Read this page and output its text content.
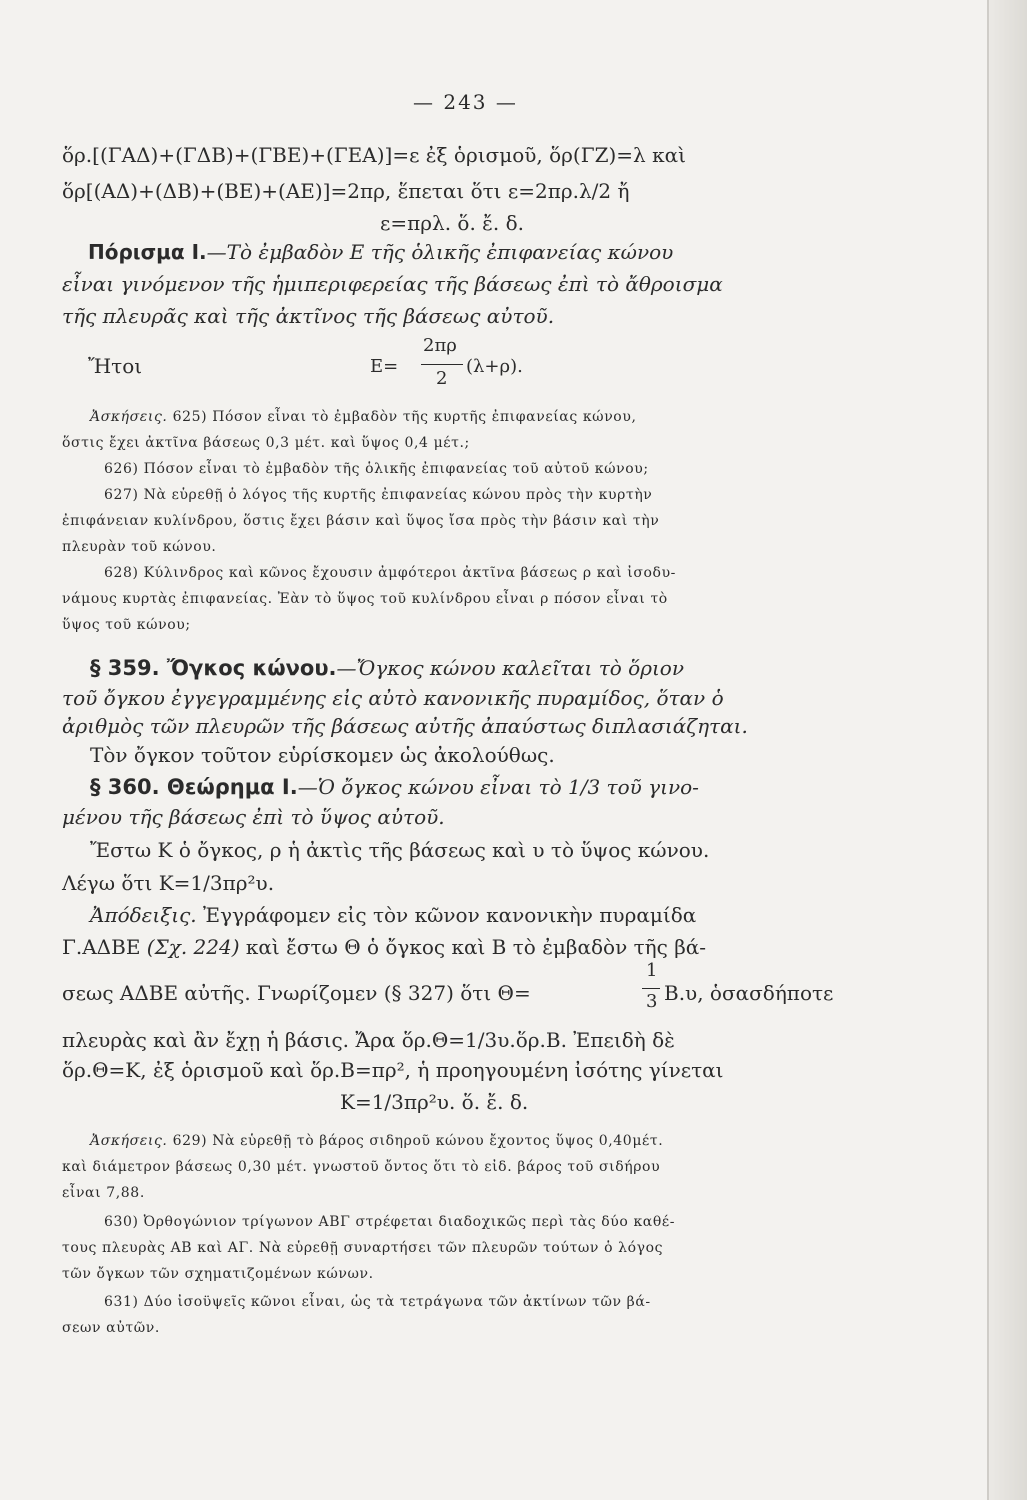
— 243 —
ὅρ.[(ΓΑΔ)+(ΓΔΒ)+(ΓΒΕ)+(ΓΕΑ)]=ε ἐξ ὁρισμοῦ, ὅρ(ΓΖ)=λ καὶ
ὅρ[(ΑΔ)+(ΔΒ)+(ΒΕ)+(ΑΕ)]=2πρ, ἕπεται ὅτι ε=2πρ.λ/2 ἤ
ε=πρλ. ὅ. ἔ. δ.
Πόρισμα Ι.—Τὸ ἐμβαδὸν Ε τῆς ὁλικῆς ἐπιφανείας κώνου
εἶναι γινόμενον τῆς ἡμιπεριφερείας τῆς βάσεως ἐπὶ τὸ ἄθροισμα
τῆς πλευρᾶς καὶ τῆς ἀκτῖνος τῆς βάσεως αὐτοῦ.
Ἤτοι	Ε=
2πρ
2
(λ+ρ).
Ἀσκήσεις. 625) Πόσον εἶναι τὸ ἐμβαδὸν τῆς κυρτῆς ἐπιφανείας κώνου,
ὅστις ἔχει ἀκτῖνα βάσεως 0,3 μέτ. καὶ ὕψος 0,4 μέτ.;
626) Πόσον εἶναι τὸ ἐμβαδὸν τῆς ὁλικῆς ἐπιφανείας τοῦ αὐτοῦ κώνου;
627) Νὰ εὑρεθῇ ὁ λόγος τῆς κυρτῆς ἐπιφανείας κώνου πρὸς τὴν κυρτὴν
ἐπιφάνειαν κυλίνδρου, ὅστις ἔχει βάσιν καὶ ὕψος ἴσα πρὸς τὴν βάσιν καὶ τὴν
πλευρὰν τοῦ κώνου.
628) Κύλινδρος καὶ κῶνος ἔχουσιν ἀμφότεροι ἀκτῖνα βάσεως ρ καὶ ἰσοδυ-
νάμους κυρτὰς ἐπιφανείας. Ἐὰν τὸ ὕψος τοῦ κυλίνδρου εἶναι ρ πόσον εἶναι τὸ
ὕψος τοῦ κώνου;
§ 359. Ὄγκος κώνου.—Ὄγκος κώνου καλεῖται τὸ ὅριον
τοῦ ὄγκου ἐγγεγραμμένης εἰς αὐτὸ κανονικῆς πυραμίδος, ὅταν ὁ
ἀριθμὸς τῶν πλευρῶν τῆς βάσεως αὐτῆς ἀπαύστως διπλασιάζηται.
Τὸν ὄγκον τοῦτον εὑρίσκομεν ὡς ἀκολούθως.
§ 360. Θεώρημα Ι.—Ὁ ὄγκος κώνου εἶναι τὸ 1/3 τοῦ γινο-
μένου τῆς βάσεως ἐπὶ τὸ ὕψος αὐτοῦ.
Ἔστω Κ ὁ ὄγκος, ρ ἡ ἀκτὶς τῆς βάσεως καὶ υ τὸ ὕψος κώνου.
Λέγω ὅτι Κ=1/3πρ²υ.
Ἀπόδειξις. Ἐγγράφομεν εἰς τὸν κῶνον κανονικὴν πυραμίδα
Γ.ΑΔΒΕ (Σχ. 224) καὶ ἔστω Θ ὁ ὄγκος καὶ Β τὸ ἐμβαδὸν τῆς βά-
σεως ΑΔΒΕ αὐτῆς. Γνωρίζομεν (§ 327) ὅτι Θ=
1
3 Β.υ, ὁσασδήποτε
πλευρὰς καὶ ἂν ἔχῃ ἡ βάσις. Ἄρα ὅρ.Θ=1/3υ.ὅρ.Β. Ἐπειδὴ δὲ
ὅρ.Θ=Κ, ἐξ ὁρισμοῦ καὶ ὅρ.Β=πρ², ἡ προηγουμένη ἰσότης γίνεται
Κ=1/3πρ²υ. ὅ. ἔ. δ.
Ἀσκήσεις. 629) Νὰ εὑρεθῇ τὸ βάρος σιδηροῦ κώνου ἔχοντος ὕψος 0,40μέτ.
καὶ διάμετρον βάσεως 0,30 μέτ. γνωστοῦ ὄντος ὅτι τὸ εἰδ. βάρος τοῦ σιδήρου
εἶναι 7,88.
630) Ὀρθογώνιον τρίγωνον ΑΒΓ στρέφεται διαδοχικῶς περὶ τὰς δύο καθέ-
τους πλευρὰς ΑΒ καὶ ΑΓ. Νὰ εὑρεθῇ συναρτήσει τῶν πλευρῶν τούτων ὁ λόγος
τῶν ὄγκων τῶν σχηματιζομένων κώνων.
631) Δύο ἰσοϋψεῖς κῶνοι εἶναι, ὡς τὰ τετράγωνα τῶν ἀκτίνων τῶν βά-
σεων αὐτῶν.
